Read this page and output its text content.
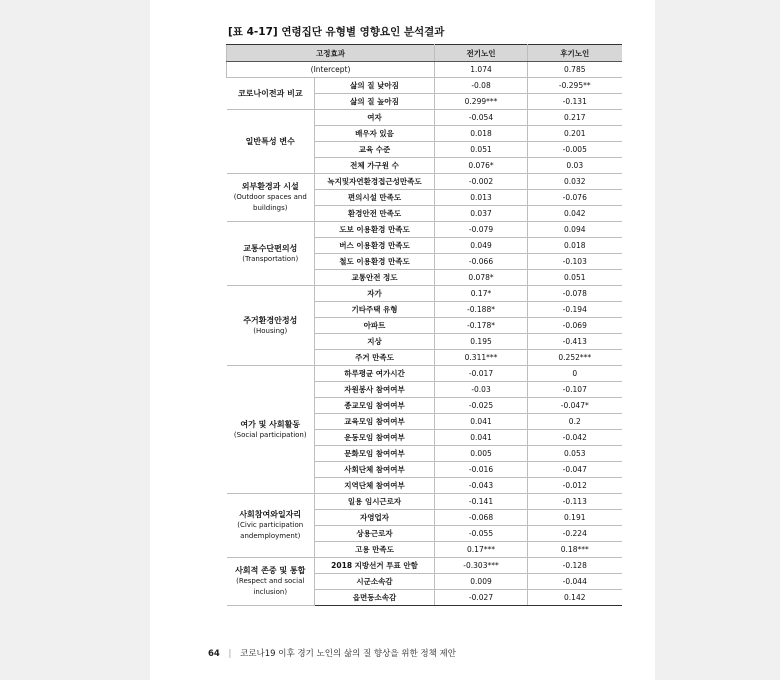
[표 4-17] 연령집단 유형별 영향요인 분석결과
고정효과		전기노인	후기노인
(Intercept)		1.074	0.785

코로나이전과 비교	삶의 질 낮아짐	-0.08	-0.295**
	삶의 질 높아짐	0.299***	-0.131

일반특성 변수	여자	-0.054	0.217
	배우자 있음	0.018	0.201
	교육 수준	0.051	-0.005
	전체 가구원 수	0.076*	0.03

외부환경과 시설
(Outdoor spaces and buildings)	녹지및자연환경접근성만족도	-0.002	0.032
	편의시설 만족도	0.013	-0.076
	환경안전 만족도	0.037	0.042

교통수단편의성
(Transportation)	도보 이용환경 만족도	-0.079	0.094
	버스 이용환경 만족도	0.049	0.018
	철도 이용환경 만족도	-0.066	-0.103
	교통안전 정도	0.078*	0.051

주거환경안정성
(Housing)	자가	0.17*	-0.078
	기타주택 유형	-0.188*	-0.194
	아파트	-0.178*	-0.069
	지상	0.195	-0.413
	주거 만족도	0.311***	0.252***

여가 및 사회활동
(Social participation)	하루평균 여가시간	-0.017	0
	자원봉사 참여여부	-0.03	-0.107
	종교모임 참여여부	-0.025	-0.047*
	교육모임 참여여부	0.041	0.2
	운동모임 참여여부	0.041	-0.042
	문화모임 참여여부	0.005	0.053
	사회단체 참여여부	-0.016	-0.047
	지역단체 참여여부	-0.043	-0.012

사회참여와일자리
(Civic participation andemployment)	일용 임시근로자	-0.141	-0.113
	자영업자	-0.068	0.191
	상용근로자	-0.055	-0.224
	고용 만족도	0.17***	0.18***

사회적 존중 및 통합
(Respect and social inclusion)	2018 지방선거 투표 안함	-0.303***	-0.128
	시군소속감	0.009	-0.044
	읍면동소속감	-0.027	0.142
64 | 코로나19 이후 경기 노인의 삶의 질 향상을 위한 정책 제안
